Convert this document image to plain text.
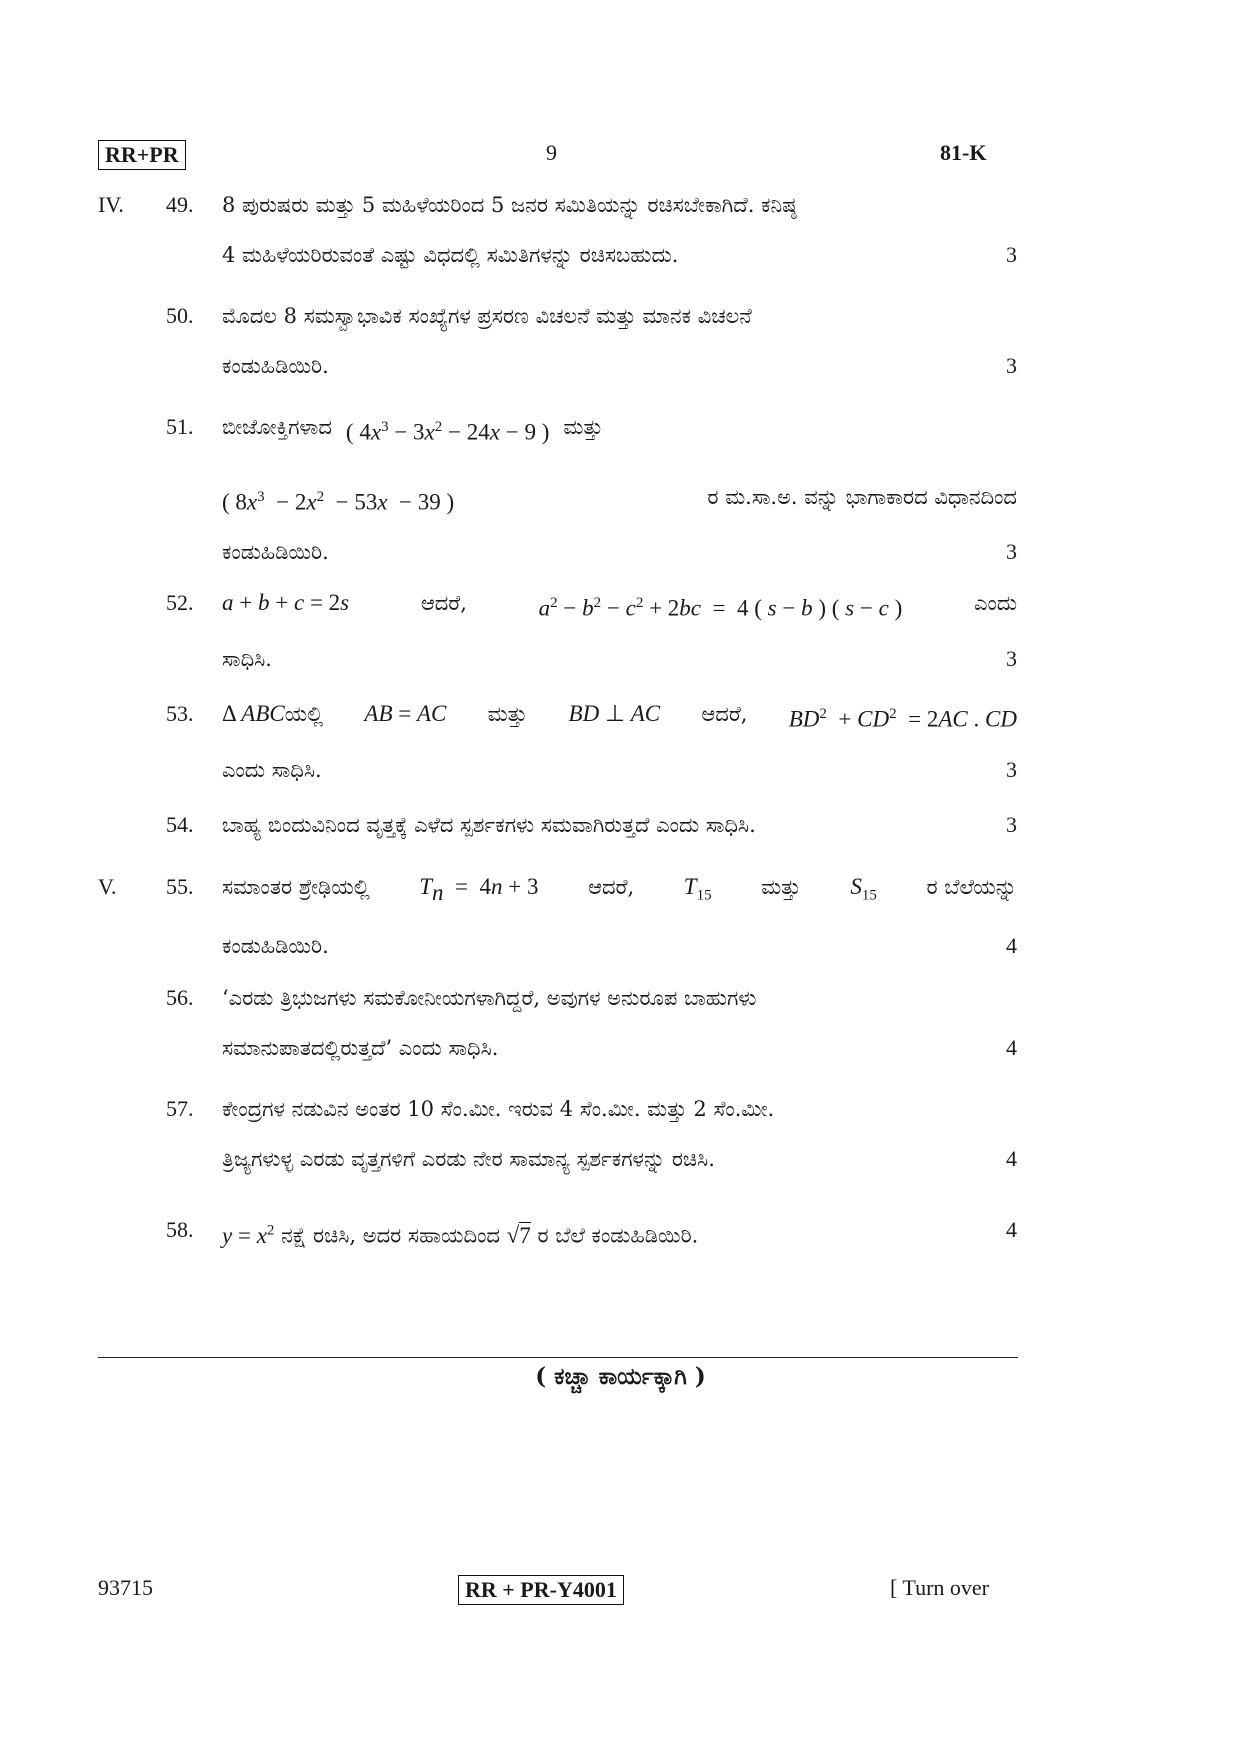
RR+PR	9	81-K
IV.	49. 8 ಪುರುಷರು ಮತ್ತು 5 ಮಹಿಳೆಯರಿಂದ 5 ಜನರ ಸಮಿತಿಯನ್ನು ರಚಿಸಬೇಕಾಗಿದೆ. ಕನಿಷ್ಠ
4 ಮಹಿಳೆಯರಿರುವಂತೆ ಎಷ್ಟು ವಿಧದಲ್ಲಿ ಸಮಿತಿಗಳನ್ನು ರಚಿಸಬಹುದು.	3
50. ಮೊದಲ 8 ಸಮಸ್ವಾಭಾವಿಕ ಸಂಖ್ಯೆಗಳ ಪ್ರಸರಣ ವಿಚಲನೆ ಮತ್ತು ಮಾನಕ ವಿಚಲನೆ
ಕಂಡುಹಿಡಿಯಿರಿ.	3
51. ಬೀಜೋಕ್ತಿಗಳಾದ ( $4x^3 - 3x^2 - 24x - 9$ ) ಮತ್ತು
( $8x^3 - 2x^2 - 53x - 39$ )	ರ ಮ.ಸಾ.ಅ. ವನ್ನು ಭಾಗಾಕಾರದ ವಿಧಾನದಿಂದ
ಕಂಡುಹಿಡಿಯಿರಿ.	3
52. a + b + c = 2s	ಆದರೆ,	$a^2 - b^2 - c^2 + 2bc = 4$ ( s − b ) ( s − c )	ಎಂದು
ಸಾಧಿಸಿ.	3
53. Δ ABCಯಲ್ಲಿ AB = AC ಮತ್ತು BD ⊥ AC ಆದರೆ, $BD^2 + CD^2 = 2AC$ . CD
ಎಂದು ಸಾಧಿಸಿ.	3
54. ಬಾಹ್ಯ ಬಿಂದುವಿನಿಂದ ವೃತ್ತಕ್ಕೆ ಎಳೆದ ಸ್ಪರ್ಶಕಗಳು ಸಮವಾಗಿರುತ್ತದೆ ಎಂದು ಸಾಧಿಸಿ.	3
V.	55. ಸಮಾಂತರ ಶ್ರೇಢಿಯಲ್ಲಿ $T_n = 4n + 3$ ಆದರೆ, $T_{15}$ ಮತ್ತು $S_{15}$ ರ ಬೆಲೆಯನ್ನು
ಕಂಡುಹಿಡಿಯಿರಿ.	4
56. ‘ಎರಡು ತ್ರಿಭುಜಗಳು ಸಮಕೋನೀಯಗಳಾಗಿದ್ದರೆ, ಅವುಗಳ ಅನುರೂಪ ಬಾಹುಗಳು
ಸಮಾನುಪಾತದಲ್ಲಿರುತ್ತದೆ’ ಎಂದು ಸಾಧಿಸಿ.	4
57. ಕೇಂದ್ರಗಳ ನಡುವಿನ ಅಂತರ 10 ಸೆಂ.ಮೀ. ಇರುವ 4 ಸೆಂ.ಮೀ. ಮತ್ತು 2 ಸೆಂ.ಮೀ.
ತ್ರಿಜ್ಯಗಳುಳ್ಳ ಎರಡು ವೃತ್ತಗಳಿಗೆ ಎರಡು ನೇರ ಸಾಮಾನ್ಯ ಸ್ಪರ್ಶಕಗಳನ್ನು ರಚಿಸಿ.	4
58. $y = x^2$ ನಕ್ಷೆ ರಚಿಸಿ, ಅದರ ಸಹಾಯದಿಂದ √7 ರ ಬೆಲೆ ಕಂಡುಹಿಡಿಯಿರಿ.	4
( ಕಚ್ಚಾ ಕಾರ್ಯಕ್ಕಾಗಿ )
93715	RR + PR-Y4001	[ Turn over
